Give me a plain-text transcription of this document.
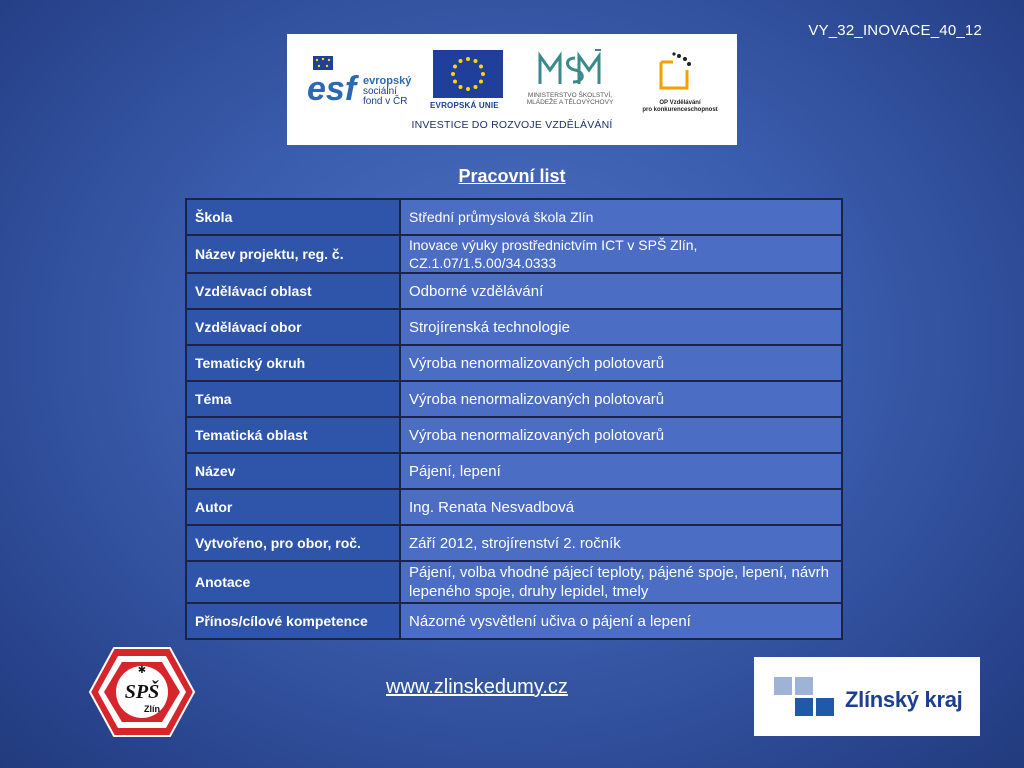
VY_32_INOVACE_40_12
esf evropský
sociální
fond v ČR	EVROPSKÁ UNIE
MINISTERSTVO ŠKOLSTVÍ,
MLÁDEŽE A TĚLOVÝCHOVY	OP Vzdělávání
pro konkurenceschopnost
INVESTICE DO ROZVOJE VZDĚLÁVÁNÍ
Pracovní list
Škola	Střední průmyslová škola Zlín
Název projektu, reg. č.	Inovace výuky prostřednictvím ICT v SPŠ Zlín, CZ.1.07/1.5.00/34.0333
Vzdělávací oblast	Odborné vzdělávání
Vzdělávací obor	Strojírenská technologie
Tematický okruh	Výroba nenormalizovaných polotovarů
Téma	Výroba nenormalizovaných polotovarů
Tematická oblast	Výroba nenormalizovaných polotovarů
Název	Pájení, lepení
Autor	Ing. Renata Nesvadbová
Vytvořeno, pro obor, roč.	Září 2012, strojírenství 2. ročník
Anotace	Pájení, volba vhodné pájecí teploty, pájené spoje, lepení, návrh lepeného spoje, druhy lepidel, tmely
Přínos/cílové kompetence	Názorné vysvětlení učiva o pájení a lepení
SPŠ
Zlín
✱
www.zlinskedumy.cz	Zlínský kraj
